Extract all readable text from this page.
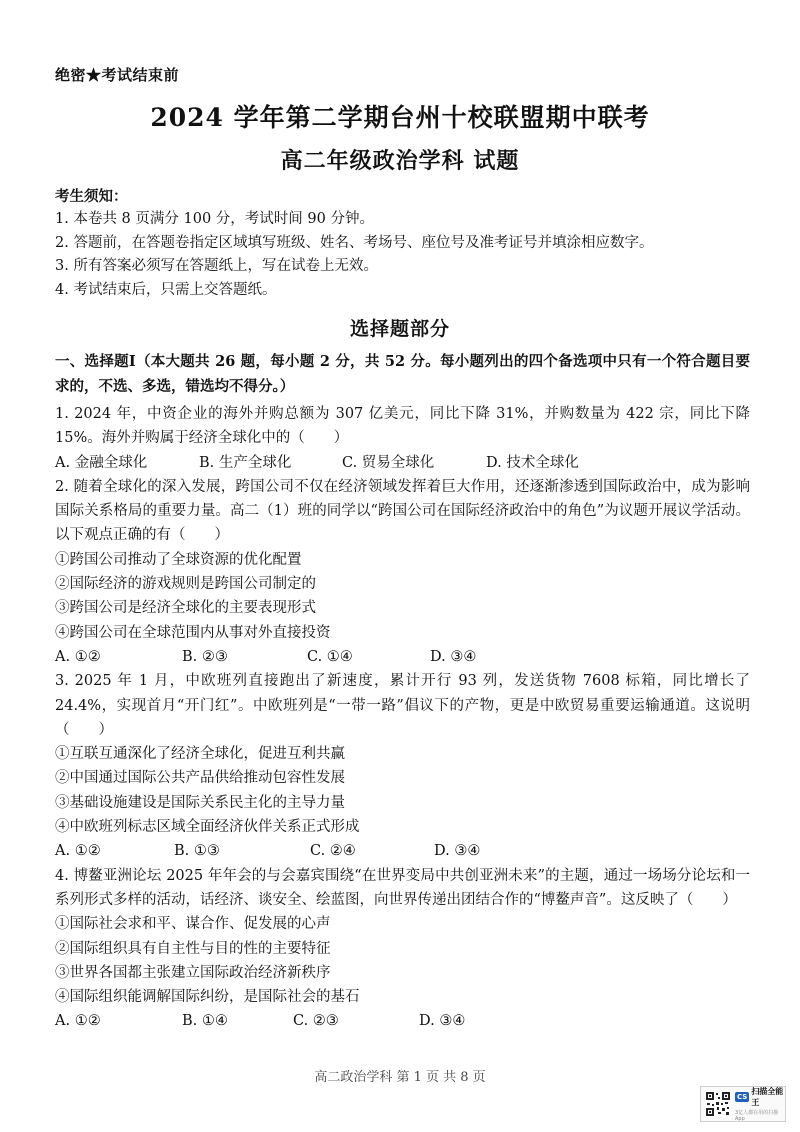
绝密★考试结束前
2024 学年第二学期台州十校联盟期中联考
高二年级政治学科 试题
考生须知：
1. 本卷共 8 页满分 100 分，考试时间 90 分钟。
2. 答题前，在答题卷指定区域填写班级、姓名、考场号、座位号及准考证号并填涂相应数字。
3. 所有答案必须写在答题纸上，写在试卷上无效。
4. 考试结束后，只需上交答题纸。
选择题部分
一、选择题Ⅰ（本大题共 26 题，每小题 2 分，共 52 分。每小题列出的四个备选项中只有一个符合题目要求的，不选、多选，错选均不得分。）
1. 2024 年，中资企业的海外并购总额为 307 亿美元，同比下降 31%，并购数量为 422 宗，同比下降 15%。海外并购属于经济全球化中的（　　）
A. 金融全球化	B. 生产全球化	C. 贸易全球化	D. 技术全球化
2. 随着全球化的深入发展，跨国公司不仅在经济领域发挥着巨大作用，还逐渐渗透到国际政治中，成为影响国际关系格局的重要力量。高二（1）班的同学以“跨国公司在国际经济政治中的角色”为议题开展议学活动。以下观点正确的有（　　）
①跨国公司推动了全球资源的优化配置
②国际经济的游戏规则是跨国公司制定的
③跨国公司是经济全球化的主要表现形式
④跨国公司在全球范围内从事对外直接投资
A. ①②	B. ②③	C. ①④	D. ③④
3. 2025 年 1 月，中欧班列直接跑出了新速度，累计开行 93 列，发送货物 7608 标箱，同比增长了 24.4%，实现首月“开门红”。中欧班列是“一带一路”倡议下的产物，更是中欧贸易重要运输通道。这说明（　　）
①互联互通深化了经济全球化，促进互利共赢
②中国通过国际公共产品供给推动包容性发展
③基础设施建设是国际关系民主化的主导力量
④中欧班列标志区域全面经济伙伴关系正式形成
A. ①②	B. ①③	C. ②④	D. ③④
4. 博鳌亚洲论坛 2025 年年会的与会嘉宾围绕“在世界变局中共创亚洲未来”的主题，通过一场场分论坛和一系列形式多样的活动，话经济、谈安全、绘蓝图，向世界传递出团结合作的“博鳌声音”。这反映了（　　）
①国际社会求和平、谋合作、促发展的心声
②国际组织具有自主性与目的性的主要特征
③世界各国都主张建立国际政治经济新秩序
④国际组织能调解国际纠纷，是国际社会的基石
A. ①②	B. ①④	C. ②③	D. ③④
高二政治学科 第 1 页 共 8 页
CS
扫描全能王
3亿人都在用的扫描App
